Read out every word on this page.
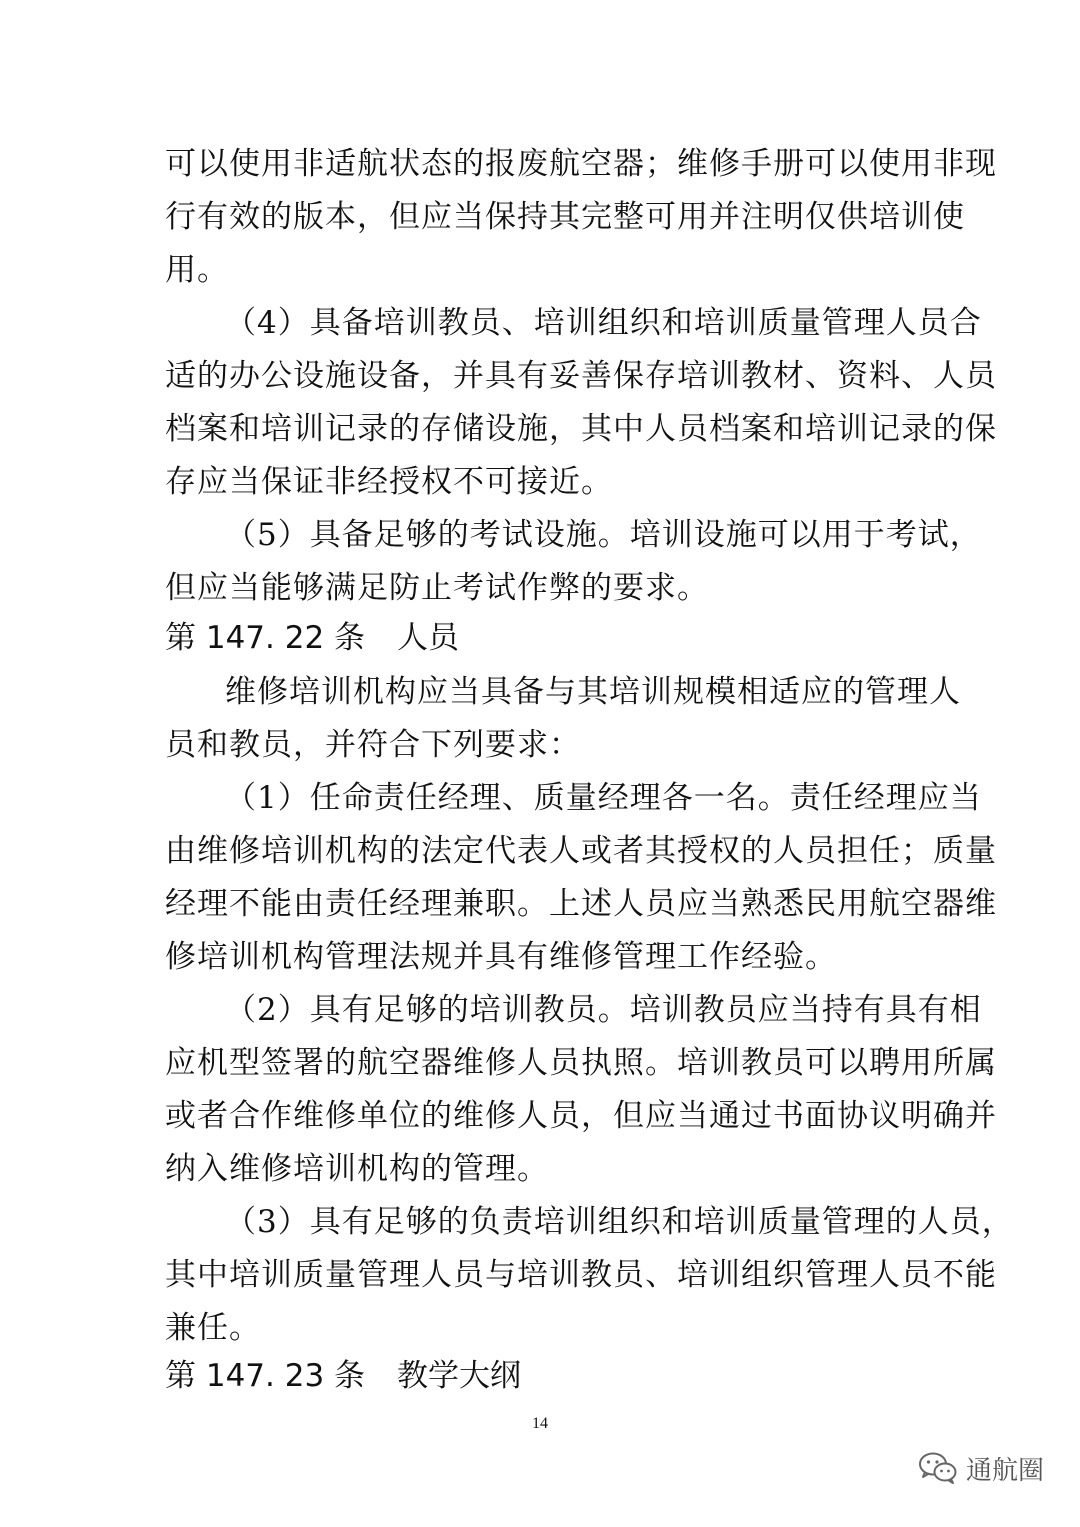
可以使用非适航状态的报废航空器；维修手册可以使用非现
行有效的版本，但应当保持其完整可用并注明仅供培训使
用。
（4）具备培训教员、培训组织和培训质量管理人员合
适的办公设施设备，并具有妥善保存培训教材、资料、人员
档案和培训记录的存储设施，其中人员档案和培训记录的保
存应当保证非经授权不可接近。
（5）具备足够的考试设施。培训设施可以用于考试，
但应当能够满足防止考试作弊的要求。
第 147. 22 条 人员
维修培训机构应当具备与其培训规模相适应的管理人
员和教员，并符合下列要求：
（1）任命责任经理、质量经理各一名。责任经理应当
由维修培训机构的法定代表人或者其授权的人员担任；质量
经理不能由责任经理兼职。上述人员应当熟悉民用航空器维
修培训机构管理法规并具有维修管理工作经验。
（2）具有足够的培训教员。培训教员应当持有具有相
应机型签署的航空器维修人员执照。培训教员可以聘用所属
或者合作维修单位的维修人员，但应当通过书面协议明确并
纳入维修培训机构的管理。
（3）具有足够的负责培训组织和培训质量管理的人员，
其中培训质量管理人员与培训教员、培训组织管理人员不能
兼任。
第 147. 23 条 教学大纲
14
通航圈
